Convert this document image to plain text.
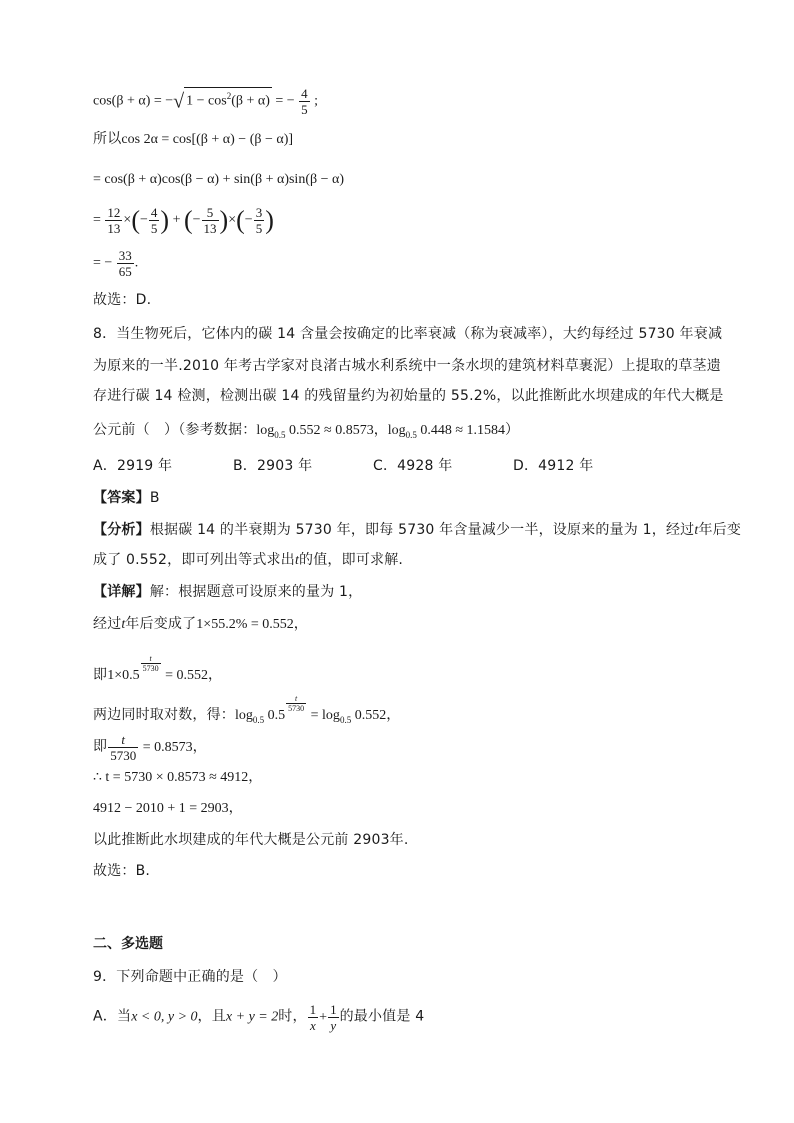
cos(β + α) = −√ $1 - \cos^2(\beta + \alpha)$ = − $\frac{4}{5}$ ;
所以cos 2α = cos[(β + α) − (β − α)]
= cos(β + α)cos(β − α) + sin(β + α)sin(β − α)
= $\frac{12}{13}$ ×(− $\frac{4}{5}$ ) + (− $\frac{5}{13}$ )×(− $\frac{3}{5}$ )
= − $\frac{33}{65}$ .
故选：D.
8．当生物死后，它体内的碳 14 含量会按确定的比率衰减（称为衰减率），大约每经过 5730 年衰减
为原来的一半.2010 年考古学家对良渚古城水利系统中一条水坝的建筑材料草裹泥）上提取的草茎遗
存进行碳 14 检测，检测出碳 14 的残留量约为初始量的 55.2%，以此推断此水坝建成的年代大概是
公元前（　）（参考数据：$\log_{0.5} 0.552 \approx 0.8573$，$\log_{0.5} 0.448 \approx 1.1584$）
A．2919 年	B．2903 年	C．4928 年	D．4912 年
【答案】B
【分析】根据碳 14 的半衰期为 5730 年，即每 5730 年含量减少一半，设原来的量为 1，经过t年后变
成了 0.552，即可列出等式求出t的值，即可求解.
【详解】解：根据题意可设原来的量为 1，
经过t年后变成了1×55.2% = 0.552，
即1×0.5
$\frac{t}{5730}$
= 0.552，
两边同时取对数，得：$\log_{0.5} 0.5$
$\frac{t}{5730}$
= $\log_{0.5} 0.552$，
即 $\frac{t}{5730} = 0.8573$，
∴ t = 5730 × 0.8573 ≈ 4912，
4912 − 2010 + 1 = 2903，
以此推断此水坝建成的年代大概是公元前 2903年.
故选：B.
二、多选题
9．下列命题中正确的是（　）
A．当x < 0, y > 0，且x + y = 2时， $\frac{1}{x} + \frac{1}{y}$ 的最小值是 4
